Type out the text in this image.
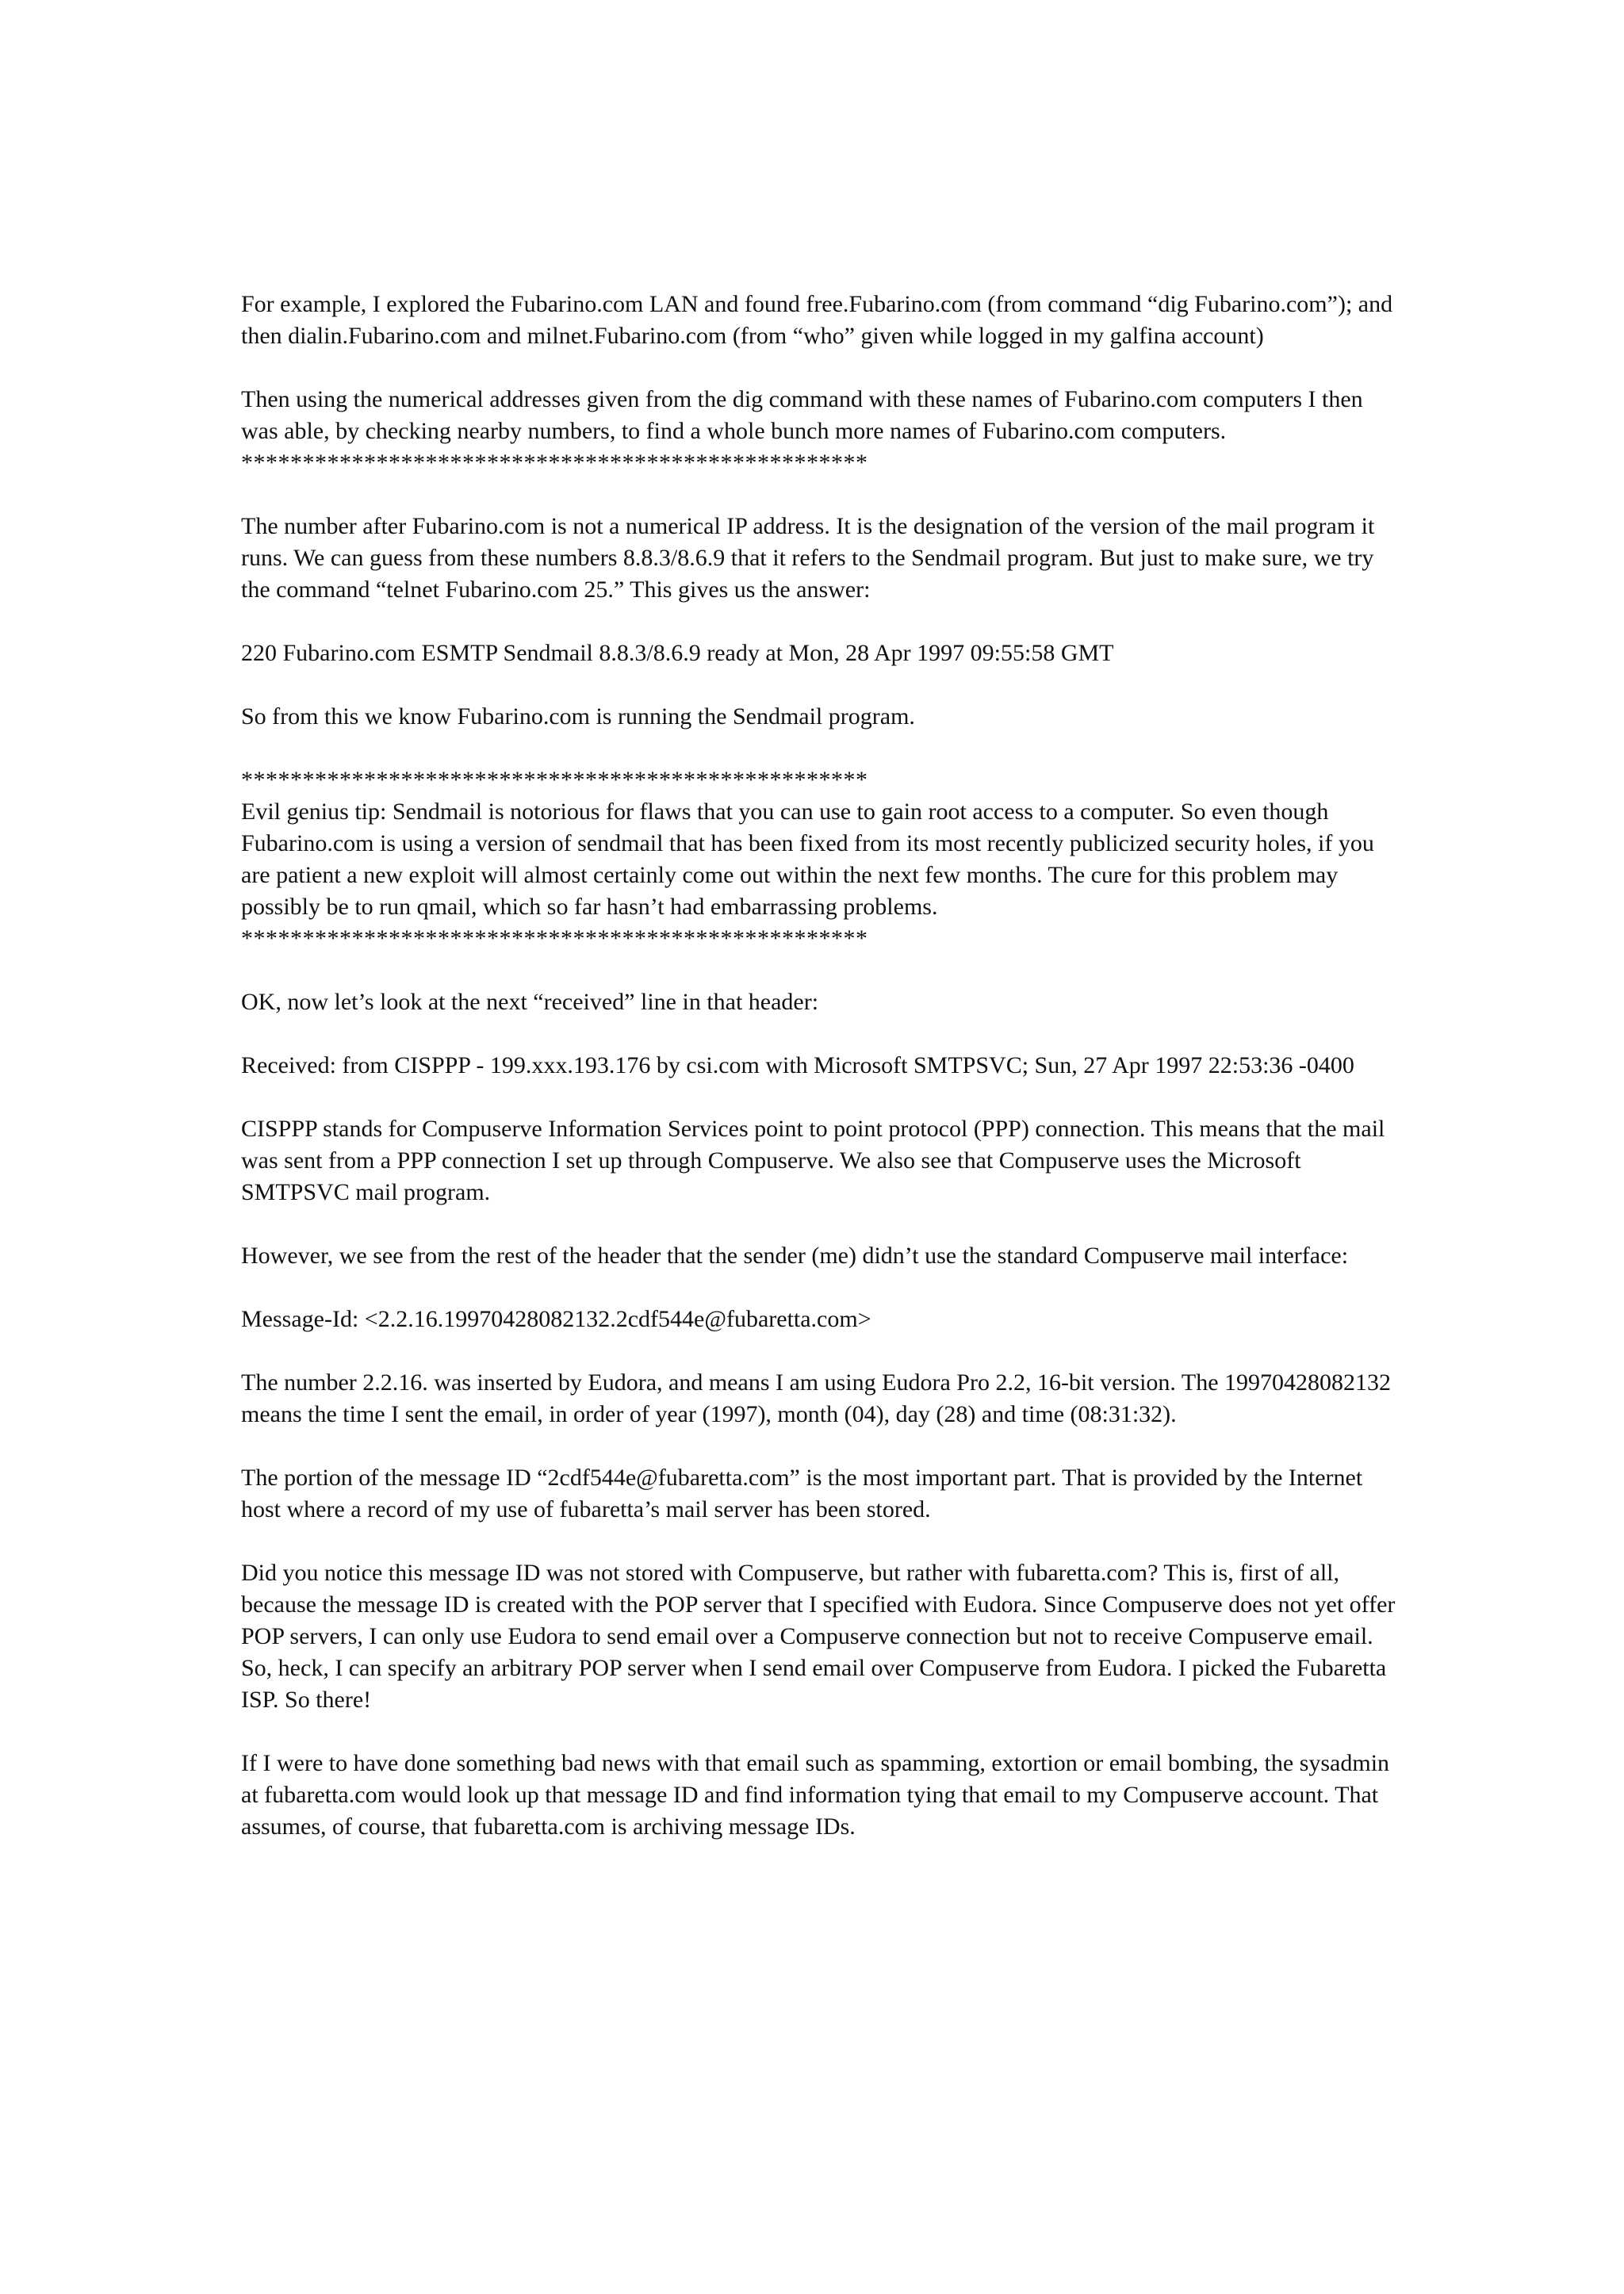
For example, I explored the Fubarino.com LAN and found free.Fubarino.com (from command “dig Fubarino.com”); and then dialin.Fubarino.com and milnet.Fubarino.com (from “who” given while logged in my galfina account)

Then using the numerical addresses given from the dig command with these names of Fubarino.com computers I then was able, by checking nearby numbers, to find a whole bunch more names of Fubarino.com computers.

***************************************************

The number after Fubarino.com is not a numerical IP address. It is the designation of the version of the mail program it runs. We can guess from these numbers 8.8.3/8.6.9 that it refers to the Sendmail program. But just to make sure, we try the command “telnet Fubarino.com 25.” This gives us the answer:

220 Fubarino.com ESMTP Sendmail 8.8.3/8.6.9 ready at Mon, 28 Apr 1997 09:55:58 GMT

So from this we know Fubarino.com is running the Sendmail program.

***************************************************

Evil genius tip: Sendmail is notorious for flaws that you can use to gain root access to a computer. So even though Fubarino.com is using a version of sendmail that has been fixed from its most recently publicized security holes, if you are patient a new exploit will almost certainly come out within the next few months. The cure for this problem may possibly be to run qmail, which so far hasn’t had embarrassing problems.

***************************************************

OK, now let’s look at the next “received” line in that header:

Received: from CISPPP - 199.xxx.193.176 by csi.com with Microsoft SMTPSVC; Sun, 27 Apr 1997 22:53:36 -0400

CISPPP stands for Compuserve Information Services point to point protocol (PPP) connection. This means that the mail was sent from a PPP connection I set up through Compuserve. We also see that Compuserve uses the Microsoft SMTPSVC mail program.

However, we see from the rest of the header that the sender (me) didn’t use the standard Compuserve mail interface:

Message-Id: <2.2.16.19970428082132.2cdf544e@fubaretta.com>

The number 2.2.16. was inserted by Eudora, and means I am using Eudora Pro 2.2, 16-bit version. The 19970428082132 means the time I sent the email, in order of year (1997), month (04), day (28) and time (08:31:32).

The portion of the message ID “2cdf544e@fubaretta.com” is the most important part. That is provided by the Internet host where a record of my use of fubaretta’s mail server has been stored.

Did you notice this message ID was not stored with Compuserve, but rather with fubaretta.com? This is, first of all, because the message ID is created with the POP server that I specified with Eudora. Since Compuserve does not yet offer POP servers, I can only use Eudora to send email over a Compuserve connection but not to receive Compuserve email. So, heck, I can specify an arbitrary POP server when I send email over Compuserve from Eudora. I picked the Fubaretta ISP. So there!

If I were to have done something bad news with that email such as spamming, extortion or email bombing, the sysadmin at fubaretta.com would look up that message ID and find information tying that email to my Compuserve account. That assumes, of course, that fubaretta.com is archiving message IDs.
